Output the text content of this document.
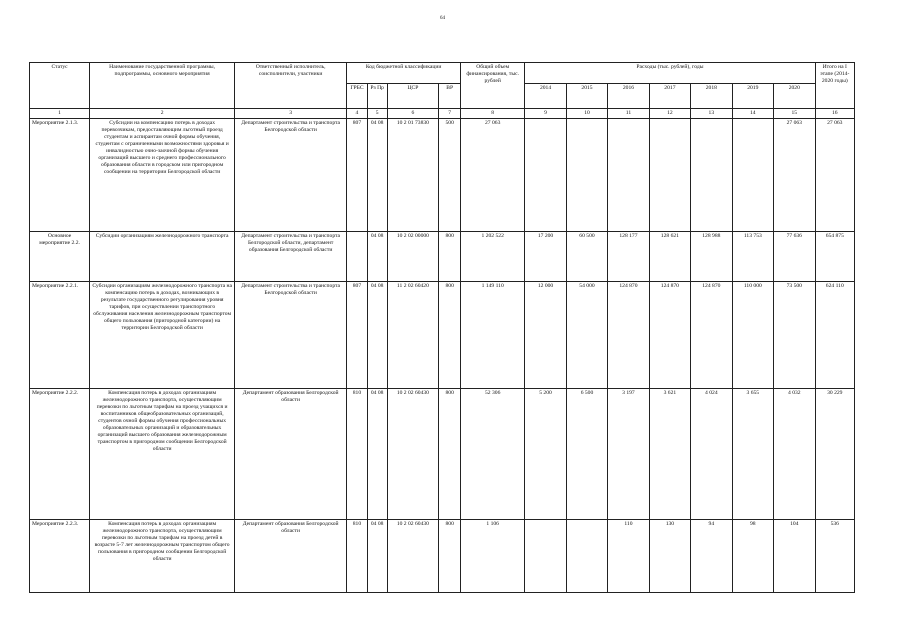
64
Статус	Наименование государственной программы, подпрограммы, основного мероприятия	Ответственный исполнитель, соисполнители, участники	Код бюджетной классификации				Общий объем финансирования, тыс. рублей	Расходы (тыс. рублей), годы							Итого на I этапе (2014-2020 годы)
			ГРБС	Рз Пр	ЦСР	ВР		2014	2015	2016	2017	2018	2019	2020	
1	2	3	4	5	6	7	8	9	10	11	12	13	14	15	16
Мероприятие 2.1.3.	Субсидии на компенсацию потерь в доходах перевозчикам, предоставляющим льготный проезд студентам и аспирантам очной формы обучения, студентам с ограниченными возможностями здоровья и инвалидностью очно-заочной формы обучения организаций высшего и среднего профессионального образования области в городском или пригородном сообщении на территории Белгородской области	Департамент строительства и транспорта Белгородской области	807	04 08	10 2 01 73830	500	27 063							27 063	27 063
Основное мероприятие 2.2.	Субсидии организациям железнодорожного транспорта	Департамент строительства и транспорта Белгородской области, департамент образования Белгородской области		04 08	10 2 02 00000	800	1 202 522	17 200	60 500	128 177	128 621	128 988	113 753	77 636	654 875
Мероприятие 2.2.1.	Субсидии организациям железнодорожного транспорта на компенсацию потерь в доходах, возникающих в результате государственного регулирования уровня тарифов, при осуществлении транспортного обслуживания населения железнодорожным транспортом общего пользования (пригородной категории) на территории Белгородской области	Департамент строительства и транспорта Белгородской области	807	04 08	11 2 02 60420	800	1 149 110	12 000	54 000	124 870	124 870	124 870	110 000	73 500	624 110
Мероприятие 2.2.2.	Компенсация потерь в доходах организациям железнодорожного транспорта, осуществляющим перевозки по льготным тарифам на проезд учащихся и воспитанников общеобразовательных организаций, студентов очной формы обучения профессиональных образовательных организаций и образовательных организаций высшего образования железнодорожным транспортом в пригородном сообщении Белгородской области	Департамент образования Белгородской области	810	04 08	10 2 02 60430	800	52 306	5 200	6 500	3 197	3 621	4 024	3 655	4 032	30 229
Мероприятие 2.2.3.	Компенсация потерь в доходах организациям железнодорожного транспорта, осуществляющим перевозки по льготным тарифам на проезд детей в возрасте 5-7 лет железнодорожным транспортом общего пользования в пригородном сообщении Белгородской области	Департамент образования Белгородской области	810	04 08	10 2 02 60430	800	1 106			110	130	94	98	104	536
